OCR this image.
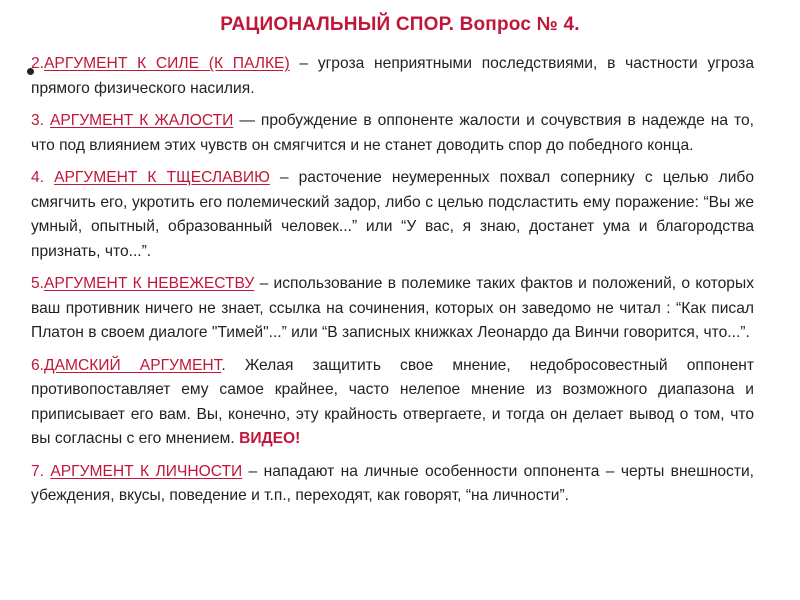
РАЦИОНАЛЬНЫЙ СПОР. Вопрос № 4.

2.АРГУМЕНТ К СИЛЕ (К ПАЛКЕ) – угроза неприятными последствиями, в частности угроза прямого физического насилия.

3. АРГУМЕНТ К ЖАЛОСТИ — пробуждение в оппоненте жалости и сочувствия в надежде на то, что под влиянием этих чувств он смягчится и не станет доводить спор до победного конца.

4. АРГУМЕНТ К ТЩЕСЛАВИЮ – расточение неумеренных похвал сопернику с целью либо смягчить его, укротить его полемический задор, либо с целью подсластить ему поражение: “Вы же умный, опытный, образованный человек...” или “У вас, я знаю, достанет ума и благородства признать, что...”.

5.АРГУМЕНТ К НЕВЕЖЕСТВУ – использование в полемике таких фактов и положений, о которых ваш противник ничего не знает, ссылка на сочинения, которых он заведомо не читал : “Как писал Платон в своем диалоге "Тимей"...” или “В записных книжках Леонардо да Винчи говорится, что...”.

6.ДАМСКИЙ АРГУМЕНТ. Желая защитить свое мнение, недобросовестный оппонент противопоставляет ему самое крайнее, часто нелепое мнение из возможного диапазона и приписывает его вам. Вы, конечно, эту крайность отвергаете, и тогда он делает вывод о том, что вы согласны с его мнением. ВИДЕО!

7. АРГУМЕНТ К ЛИЧНОСТИ – нападают на личные особенности оппонента – черты внешности, убеждения, вкусы, поведение и т.п., переходят, как говорят, “на личности”.
